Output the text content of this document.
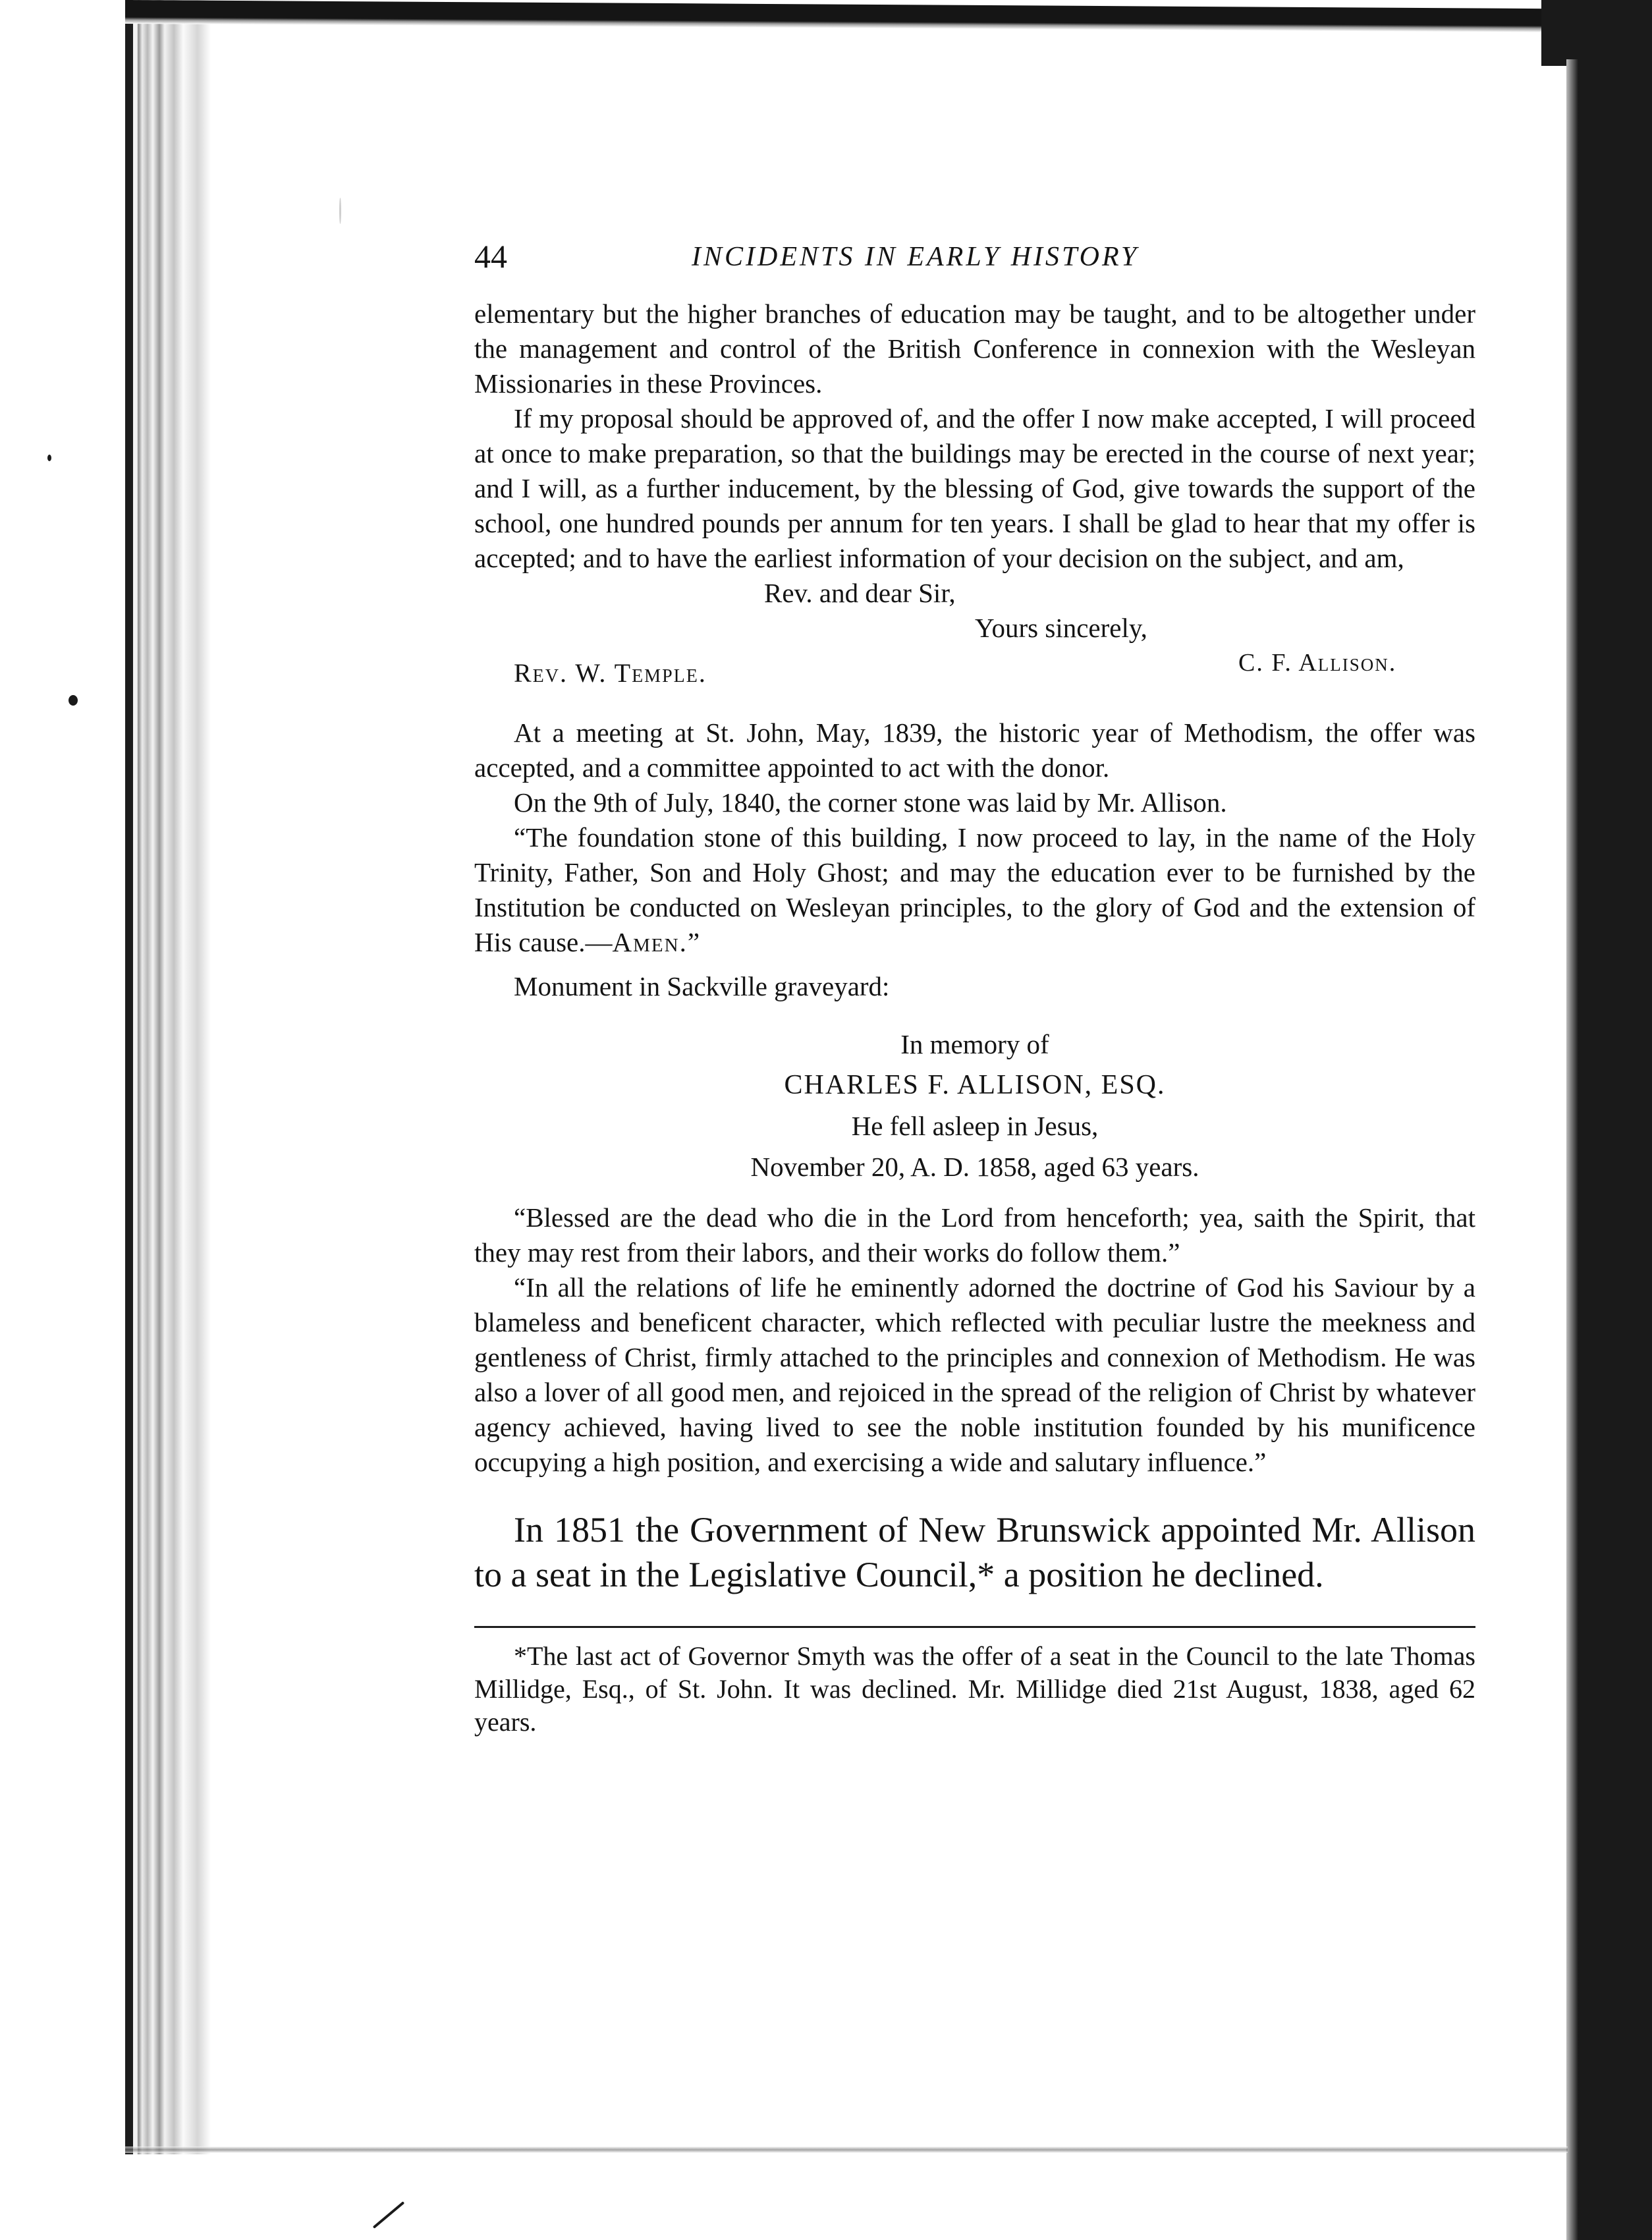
44	INCIDENTS IN EARLY HISTORY

elementary but the higher branches of education may be taught, and to be altogether under the management and control of the British Conference in connexion with the Wesleyan Missionaries in these Provinces.

If my proposal should be approved of, and the offer I now make accepted, I will proceed at once to make preparation, so that the buildings may be erected in the course of next year; and I will, as a further inducement, by the blessing of God, give towards the support of the school, one hundred pounds per annum for ten years. I shall be glad to hear that my offer is accepted; and to have the earliest information of your decision on the subject, and am,

Rev. and dear Sir,
Yours sincerely,
Rev. W. Temple.	C. F. Allison.

At a meeting at St. John, May, 1839, the historic year of Methodism, the offer was accepted, and a committee appointed to act with the donor.

On the 9th of July, 1840, the corner stone was laid by Mr. Allison.

“The foundation stone of this building, I now proceed to lay, in the name of the Holy Trinity, Father, Son and Holy Ghost; and may the education ever to be furnished by the Institution be conducted on Wesleyan principles, to the glory of God and the extension of His cause.—Amen.”

Monument in Sackville graveyard:

In memory of
CHARLES F. ALLISON, ESQ.
He fell asleep in Jesus,
November 20, A. D. 1858, aged 63 years.

“Blessed are the dead who die in the Lord from henceforth; yea, saith the Spirit, that they may rest from their labors, and their works do follow them.”

“In all the relations of life he eminently adorned the doctrine of God his Saviour by a blameless and beneficent character, which reflected with peculiar lustre the meekness and gentleness of Christ, firmly attached to the principles and connexion of Methodism. He was also a lover of all good men, and rejoiced in the spread of the religion of Christ by whatever agency achieved, having lived to see the noble institution founded by his munificence occupying a high position, and exercising a wide and salutary influence.”

In 1851 the Government of New Brunswick appointed Mr. Allison to a seat in the Legislative Council,* a position he declined.
*The last act of Governor Smyth was the offer of a seat in the Council to the late Thomas Millidge, Esq., of St. John. It was declined. Mr. Millidge died 21st August, 1838, aged 62 years.
